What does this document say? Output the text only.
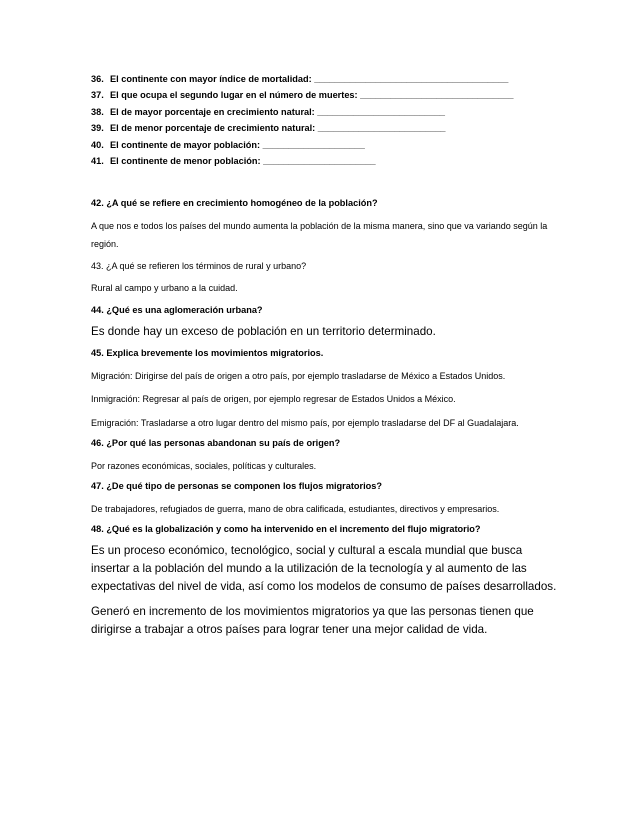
36. El continente con mayor índice de mortalidad: ______________________________________
37. El que ocupa el segundo lugar en el número de muertes: ______________________________
38. El de mayor porcentaje en crecimiento natural: _________________________
39. El de menor porcentaje de crecimiento natural: _________________________
40. El continente de mayor población: ____________________
41. El continente de menor población: ______________________

42. ¿A qué se refiere en crecimiento homogéneo de la población?

A que nos e todos los países del mundo aumenta la población de la misma manera, sino que va variando según la región.

43. ¿A qué se refieren los términos de rural y urbano?

Rural al campo y urbano a la cuidad.

44. ¿Qué es una aglomeración urbana?

Es donde hay un exceso de población en un territorio determinado.

45. Explica brevemente los movimientos migratorios.

Migración: Dirigirse del país de origen a otro país, por ejemplo trasladarse de México a Estados Unidos.

Inmigración: Regresar al país de origen, por ejemplo regresar de Estados Unidos a México.

Emigración: Trasladarse a otro lugar dentro del mismo país, por ejemplo trasladarse del DF al Guadalajara.

46. ¿Por qué las personas abandonan su país de origen?

Por razones económicas, sociales, políticas y culturales.

47. ¿De qué tipo de personas se componen los flujos migratorios?

De trabajadores, refugiados de guerra, mano de obra calificada, estudiantes, directivos y empresarios.

48. ¿Qué es la globalización y como ha intervenido en el incremento del flujo migratorio?

Es un proceso económico, tecnológico, social y cultural a escala mundial que busca insertar a la población del mundo a la utilización de la tecnología y al aumento de las expectativas del nivel de vida, así como los modelos de consumo de países desarrollados.

Generó en incremento de los movimientos migratorios ya que las personas tienen que dirigirse a trabajar a otros países para lograr tener una mejor calidad de vida.
